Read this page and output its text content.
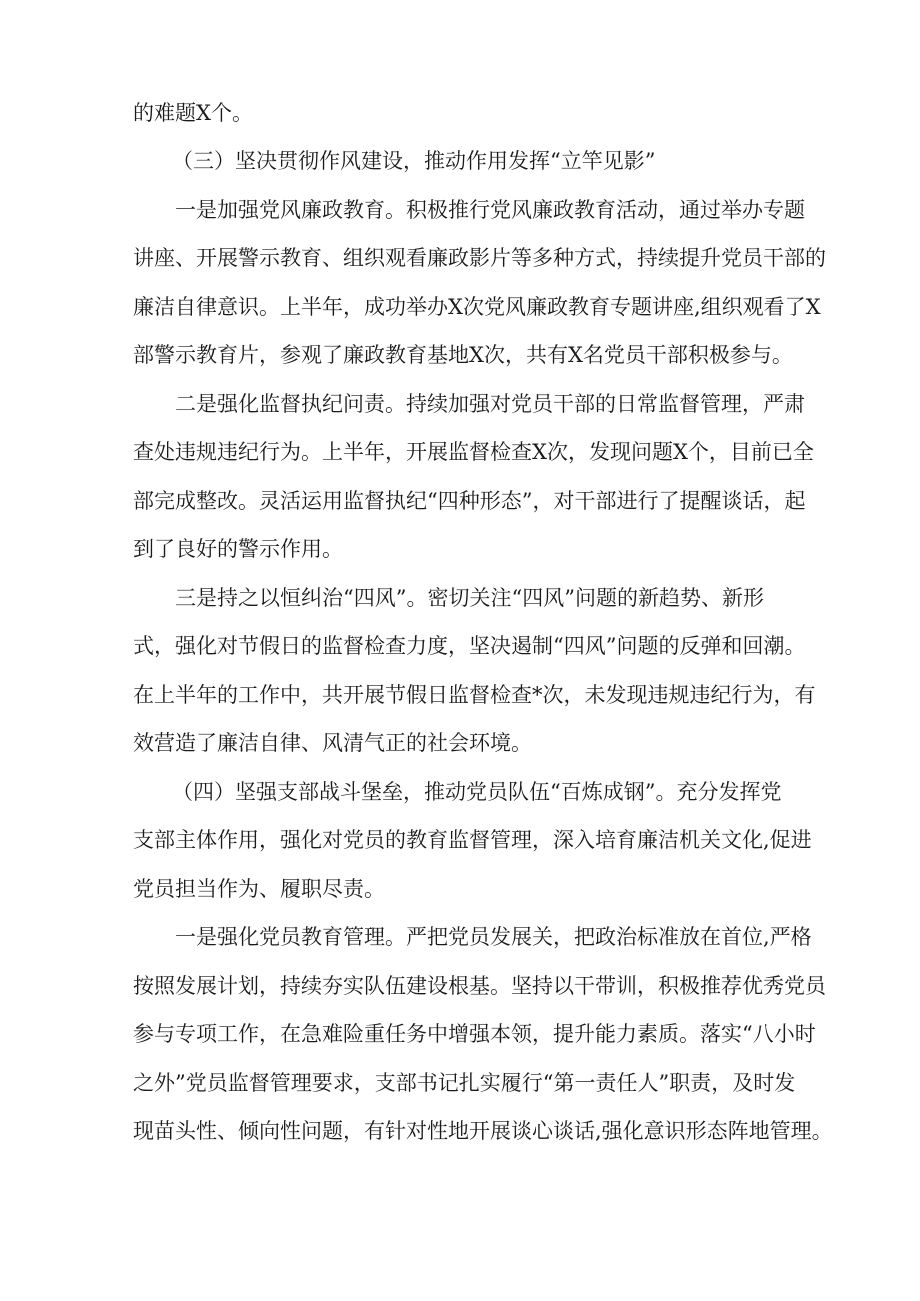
的难题X个。

（三）坚决贯彻作风建设，推动作用发挥“立竿见影”

一是加强党风廉政教育。积极推行党风廉政教育活动，通过举办专题

讲座、开展警示教育、组织观看廉政影片等多种方式，持续提升党员干部的

廉洁自律意识。上半年，成功举办X次党风廉政教育专题讲座,组织观看了X

部警示教育片，参观了廉政教育基地X次，共有X名党员干部积极参与。

二是强化监督执纪问责。持续加强对党员干部的日常监督管理，严肃

查处违规违纪行为。上半年，开展监督检查X次，发现问题X个，目前已全

部完成整改。灵活运用监督执纪“四种形态”，对干部进行了提醒谈话，起

到了良好的警示作用。

三是持之以恒纠治“四风”。密切关注“四风”问题的新趋势、新形

式，强化对节假日的监督检查力度，坚决遏制“四风”问题的反弹和回潮。

在上半年的工作中，共开展节假日监督检查*次，未发现违规违纪行为，有

效营造了廉洁自律、风清气正的社会环境。

（四）坚强支部战斗堡垒，推动党员队伍“百炼成钢”。充分发挥党

支部主体作用，强化对党员的教育监督管理，深入培育廉洁机关文化,促进

党员担当作为、履职尽责。

一是强化党员教育管理。严把党员发展关，把政治标准放在首位,严格

按照发展计划，持续夯实队伍建设根基。坚持以干带训，积极推荐优秀党员

参与专项工作，在急难险重任务中增强本领，提升能力素质。落实“八小时

之外”党员监督管理要求，支部书记扎实履行“第一责任人”职责，及时发

现苗头性、倾向性问题，有针对性地开展谈心谈话,强化意识形态阵地管理。
